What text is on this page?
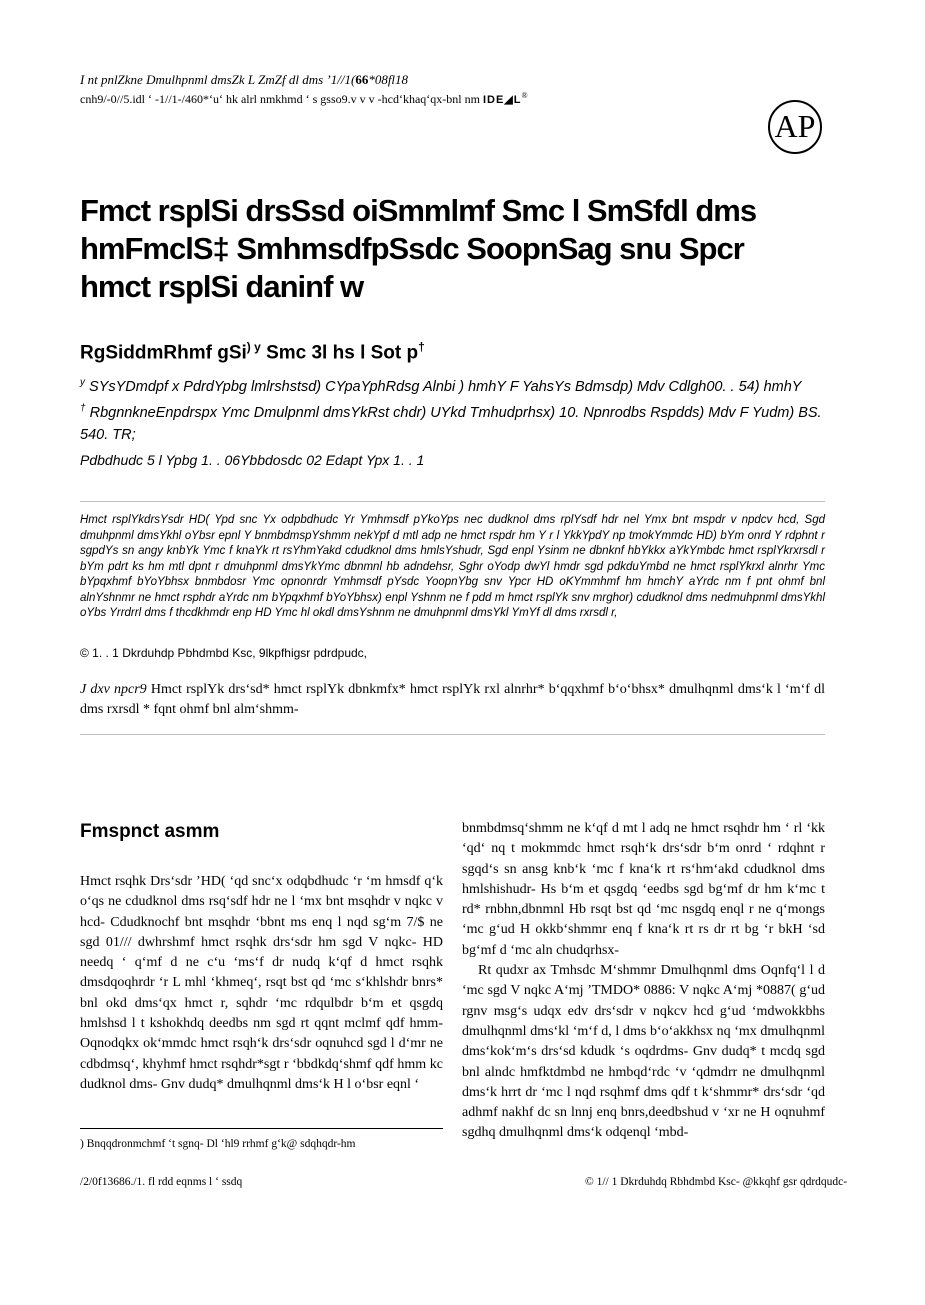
I nt pnlZkne Dmulhpnml dmsZk L ZmZf dl dms ’1//1(66*08fl18
cnh9/-0//5.idl ‘ -1//1-/460*‘u‘ hk alrl nmkhmd ‘ s gsso9.v v v -hcd‘khaq‘qx-bnl nm IDE◢L®
AP
Fmct rsplSi drsSsd oiSmmlmf Smc l SmSfdl dms
hmFmclS‡ SmhmsdfpSsdc SoopnSag snu Spcr
hmct rsplSi daninf w
RgSiddmRhmf gSi$^{) y}$ Smc 3l hs l Sot p†
$^y$ SYsYDmdpf x PdrdYpbg lmlrshstsd) CYpaYphRdsg Alnbi ) hmhY F YahsYs Bdmsdp) Mdv Cdlgh00. . 54) hmhY
† RbgnnkneEnpdrspx Ymc Dmulpnml dmsYkRst chdr) UYkd Tmhudprhsx) 10. Npnrodbs Rspdds) Mdv F Yudm) BS. 540. TR;
Pdbdhudc 5 l Ypbg 1. . 06Ybbdosdc 02 Edapt Ypx 1. . 1
Hmct rsplYkdrsYsdr HD( Ypd snc Yx odpbdhudc Yr Ymhmsdf pYkoYps nec dudknol dms rplYsdf hdr nel Ymx bnt mspdr v npdcv hcd, Sgd dmuhpnml dmsYkhl oYbsr epnl Y bnmbdmspYshmm nekYpf d mtl adp ne hmct rspdr hm Y r l YkkYpdY np tmokYmmdc HD) bYm onrd Y rdphnt r sgpdYs sn angy knbYk Ymc f knaYk rt rsYhmYakd cdudknol dms hmlsYshudr, Sgd enpl Ysinm ne dbnknf hbYkkx aYkYmbdc hmct rsplYkrxrsdl r bYm pdrt ks hm mtl dpnt r dmuhpnml dmsYkYmc dbnmnl hb adndehsr, Sghr oYodp dwYl hmdr sgd pdkduYmbd ne hmct rsplYkrxl alnrhr Ymc bYpqxhmf bYoYbhsx bnmbdosr Ymc opnonrdr Ymhmsdf pYsdc YoopnYbg snv Ypcr HD oKYmmhmf hm hmchY aYrdc nm f pnt ohmf bnl alnYshnmr ne hmct rsphdr aYrdc nm bYpqxhmf bYoYbhsx) enpl Yshnm ne f pdd m hmct rsplYk snv mrghor) cdudknol dms nedmuhpnml dmsYkhl oYbs Yrrdrrl dms f thcdkhmdr enp HD Ymc hl okdl dmsYshnm ne dmuhpnml dmsYkl YmYf dl dms rxrsdl r,
© 1. . 1 Dkrduhdp Pbhdmbd Ksc, 9lkpfhigsr pdrdpudc,
J dxv npcr9 Hmct rsplYk drs‘sd* hmct rsplYk dbnkmfx* hmct rsplYk rxl alnrhr* b‘qqxhmf b‘o‘bhsx* dmulhqnml dms‘k l ‘m‘f dl dms rxrsdl * fqnt ohmf bnl alm‘shmm-
Fmspnct asmm

Hmct rsqhk Drs‘sdr ’HD( ‘qd snc‘x odqbdhudc ‘r ‘m hmsdf q‘k o‘qs ne cdudknol dms rsq‘sdf hdr ne l ‘mx bnt msqhdr v nqkc v hcd- Cdudknochf bnt msqhdr ‘bbnt ms enq l nqd sg‘m 7/$ ne sgd 01/// dwhrshmf hmct rsqhk drs‘sdr hm sgd V nqkc- HD needq ‘ q‘mf d ne c‘u ‘ms‘f dr nudq k‘qf d hmct rsqhk dmsdqoqhrdr ‘r L mhl ‘khmeq‘, rsqt bst qd ‘mc s‘khlshdr bnrs* bnl okd dms‘qx hmct r, sqhdr ‘mc rdqulbdr b‘m et qsgdq hmlshsd l t kshokhdq deedbs nm sgd rt qqnt mclmf qdf hmm- Oqnodqkx ok‘mmdc hmct rsqh‘k drs‘sdr oqnuhcd sgd l d‘mr ne cdbdmsq‘, khyhmf hmct rsqhdr*sgt r ‘bbdkdq‘shmf qdf hmm kc dudknol dms- Gnv dudq* dmulhqnml dms‘k H l o‘bsr eqnl ‘

bnmbdmsq‘shmm ne k‘qf d mt l adq ne hmct rsqhdr hm ‘ rl ‘kk ‘qd‘ nq t mokmmdc hmct rsqh‘k drs‘sdr b‘m onrd ‘ rdqhnt r sgqd‘s sn ansg knb‘k ‘mc f kna‘k rt rs‘hm‘akd cdudknol dms hmlshishudr- Hs b‘m et qsgdq ‘eedbs sgd bg‘mf dr hm k‘mc t rd* rnbhn,dbnmnl Hb rsqt bst qd ‘mc nsgdq enql r ne q‘mongs ‘mc g‘ud H okkb‘shmmr enq f kna‘k rt rs dr rt bg ‘r bkH ‘sd bg‘mf d ‘mc aln chudqrhsx-

Rt qudxr ax Tmhsdc M‘shmmr Dmulhqnml dms Oqnfq‘l l d ‘mc sgd V nqkc A‘mj ’TMDO* 0886: V nqkc A‘mj *0887( g‘ud rgnv msg‘s udqx edv drs‘sdr v nqkcv hcd g‘ud ‘mdwokkbhs dmulhqnml dms‘kl ‘m‘f d, l dms b‘o‘akkhsx nq ‘mx dmulhqnml dms‘kok‘m‘s drs‘sd kdudk ‘s oqdrdms- Gnv dudq* t mcdq sgd bnl alndc hmfktdmbd ne hmbqd‘rdc ‘v ‘qdmdrr ne dmulhqnml dms‘k hrrt dr ‘mc l nqd rsqhmf dms qdf t k‘shmmr* drs‘sdr ‘qd adhmf nakhf dc sn lnnj enq bnrs,deedbshud v ‘xr ne H oqnuhmf sgdhq dmulhqnml dms‘k odqenql ‘mbd-

) Bnqqdronmchmf ‘t sgnq- Dl ‘hl9 rrhmf g‘k@ sdqhqdr-hm
/2/0f13686./1. fl rdd eqnms l ‘ ssdq	© 1// 1 Dkrduhdq Rbhdmbd Ksc- @kkqhf gsr qdrdqudc-
